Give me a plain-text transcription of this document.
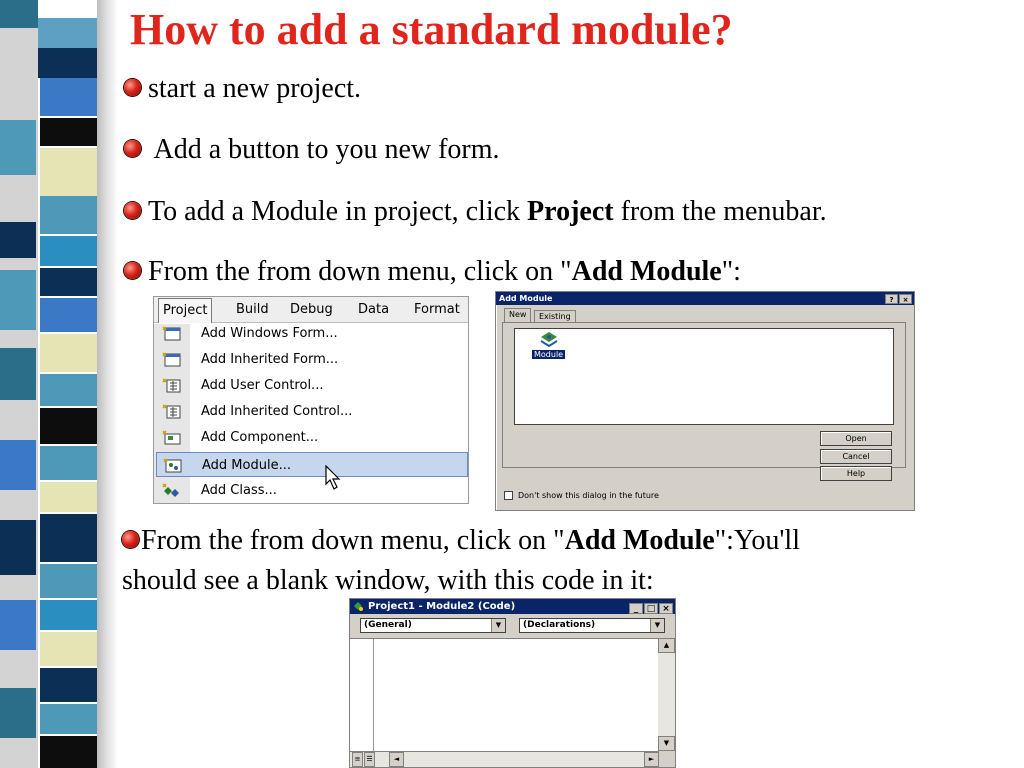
How to add a standard module?
start a new project.
Add a button to you new form.
To add a Module in project, click Project from the menubar.
From the from down menu, click on "Add Module":
From the from down menu, click on "Add Module":You'll
should see a blank window, with this code in it:
Project	Build Debug Data Format
Add Windows Form...
Add Inherited Form...
Add User Control...
Add Inherited Control...
Add Component...
Add Module...
Add Class...
Add Module	? ×
New	Existing
Module
Open
Cancel
Help
Don't show this dialog in the future
Project1 - Module2 (Code)	_ □ ×
(General)	▼	(Declarations)	▼
▲
▼
≡ ☰	◄	►
